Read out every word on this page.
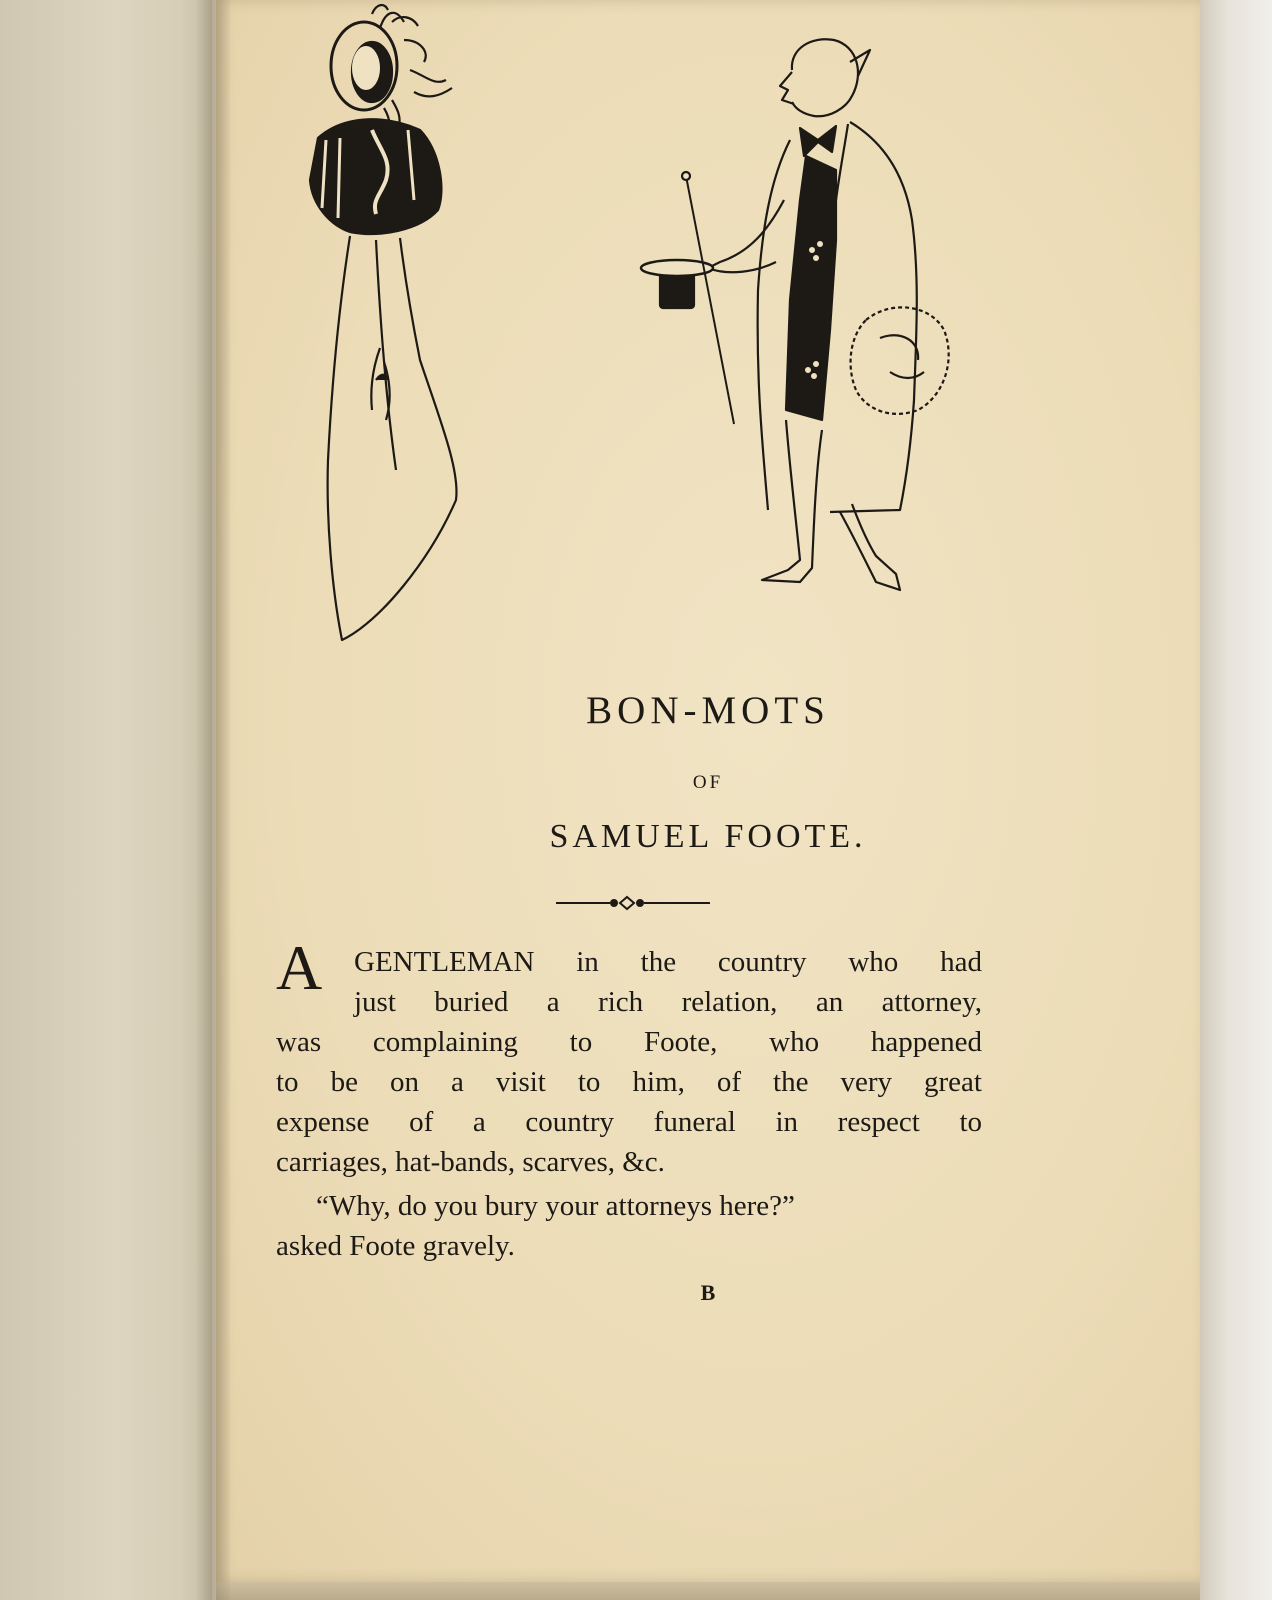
BON-MOTS
OF
SAMUEL FOOTE.
A GENTLEMAN in the country who had
just buried a rich relation, an attorney,
was complaining to Foote, who happened
to be on a visit to him, of the very great
expense of a country funeral in respect to
carriages, hat-bands, scarves, &c.
“Why, do you bury your attorneys here?”
asked Foote gravely.
B
